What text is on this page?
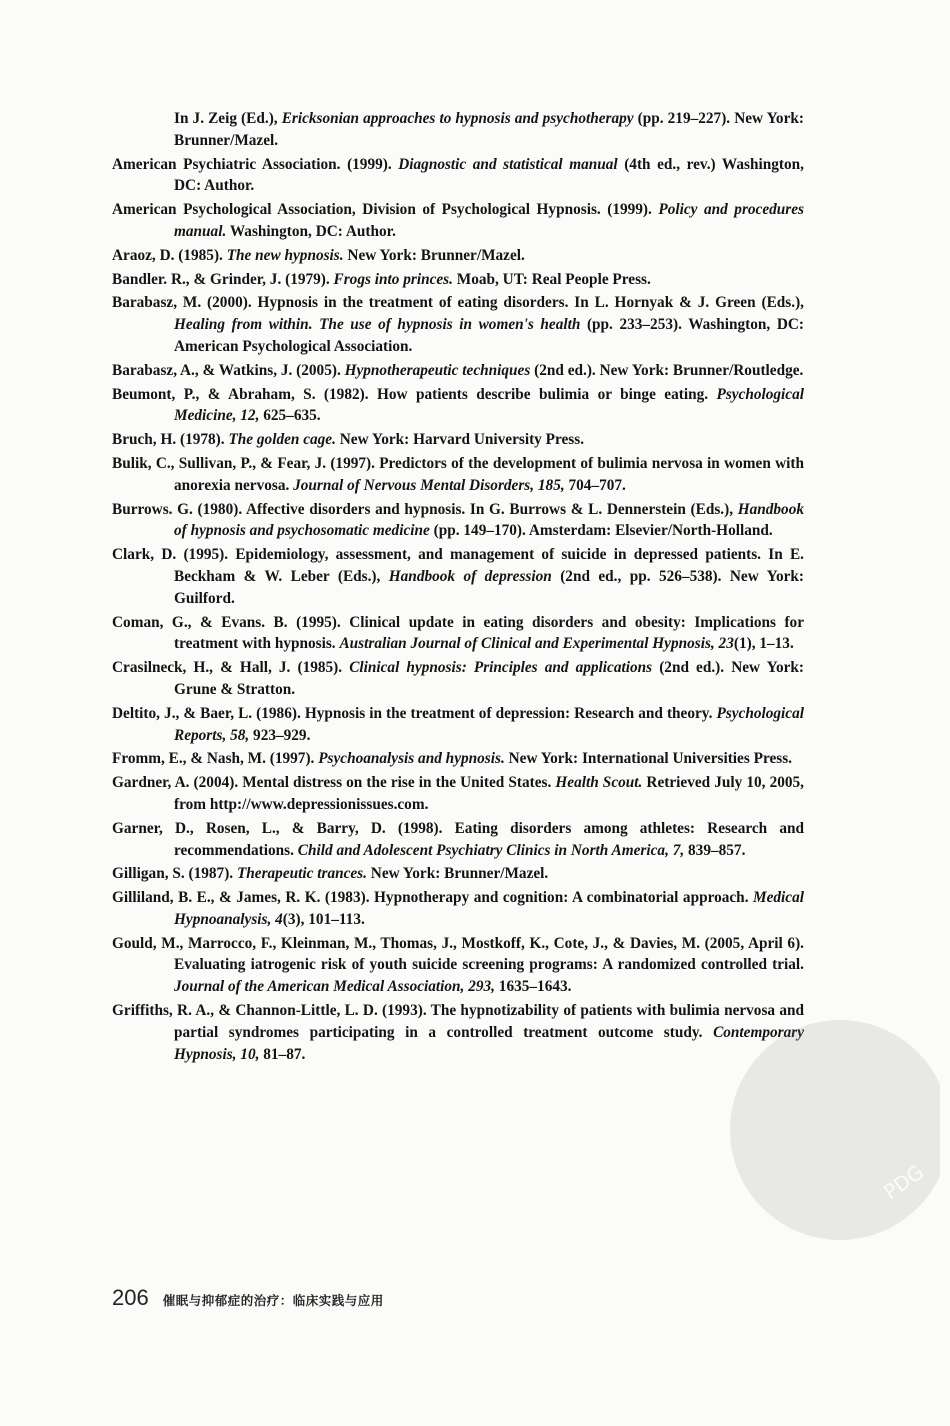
In J. Zeig (Ed.), Ericksonian approaches to hypnosis and psychotherapy (pp. 219–227). New York: Brunner/Mazel.

American Psychiatric Association. (1999). Diagnostic and statistical manual (4th ed., rev.) Washington, DC: Author.

American Psychological Association, Division of Psychological Hypnosis. (1999). Policy and procedures manual. Washington, DC: Author.

Araoz, D. (1985). The new hypnosis. New York: Brunner/Mazel.

Bandler. R., & Grinder, J. (1979). Frogs into princes. Moab, UT: Real People Press.

Barabasz, M. (2000). Hypnosis in the treatment of eating disorders. In L. Hornyak & J. Green (Eds.), Healing from within. The use of hypnosis in women's health (pp. 233–253). Washington, DC: American Psychological Association.

Barabasz, A., & Watkins, J. (2005). Hypnotherapeutic techniques (2nd ed.). New York: Brunner/Routledge.

Beumont, P., & Abraham, S. (1982). How patients describe bulimia or binge eating. Psychological Medicine, 12, 625–635.

Bruch, H. (1978). The golden cage. New York: Harvard University Press.

Bulik, C., Sullivan, P., & Fear, J. (1997). Predictors of the development of bulimia nervosa in women with anorexia nervosa. Journal of Nervous Mental Disorders, 185, 704–707.

Burrows. G. (1980). Affective disorders and hypnosis. In G. Burrows & L. Dennerstein (Eds.), Handbook of hypnosis and psychosomatic medicine (pp. 149–170). Amsterdam: Elsevier/North-Holland.

Clark, D. (1995). Epidemiology, assessment, and management of suicide in depressed patients. In E. Beckham & W. Leber (Eds.), Handbook of depression (2nd ed., pp. 526–538). New York: Guilford.

Coman, G., & Evans. B. (1995). Clinical update in eating disorders and obesity: Implications for treatment with hypnosis. Australian Journal of Clinical and Experimental Hypnosis, 23(1), 1–13.

Crasilneck, H., & Hall, J. (1985). Clinical hypnosis: Principles and applications (2nd ed.). New York: Grune & Stratton.

Deltito, J., & Baer, L. (1986). Hypnosis in the treatment of depression: Research and theory. Psychological Reports, 58, 923–929.

Fromm, E., & Nash, M. (1997). Psychoanalysis and hypnosis. New York: International Universities Press.

Gardner, A. (2004). Mental distress on the rise in the United States. Health Scout. Retrieved July 10, 2005, from http://www.depressionissues.com.

Garner, D., Rosen, L., & Barry, D. (1998). Eating disorders among athletes: Research and recommendations. Child and Adolescent Psychiatry Clinics in North America, 7, 839–857.

Gilligan, S. (1987). Therapeutic trances. New York: Brunner/Mazel.

Gilliland, B. E., & James, R. K. (1983). Hypnotherapy and cognition: A combinatorial approach. Medical Hypnoanalysis, 4(3), 101–113.

Gould, M., Marrocco, F., Kleinman, M., Thomas, J., Mostkoff, K., Cote, J., & Davies, M. (2005, April 6). Evaluating iatrogenic risk of youth suicide screening programs: A randomized controlled trial. Journal of the American Medical Association, 293, 1635–1643.

Griffiths, R. A., & Channon-Little, L. D. (1993). The hypnotizability of patients with bulimia nervosa and partial syndromes participating in a controlled treatment outcome study. Contemporary Hypnosis, 10, 81–87.

206 催眠与抑郁症的治疗：临床实践与应用
PDG
